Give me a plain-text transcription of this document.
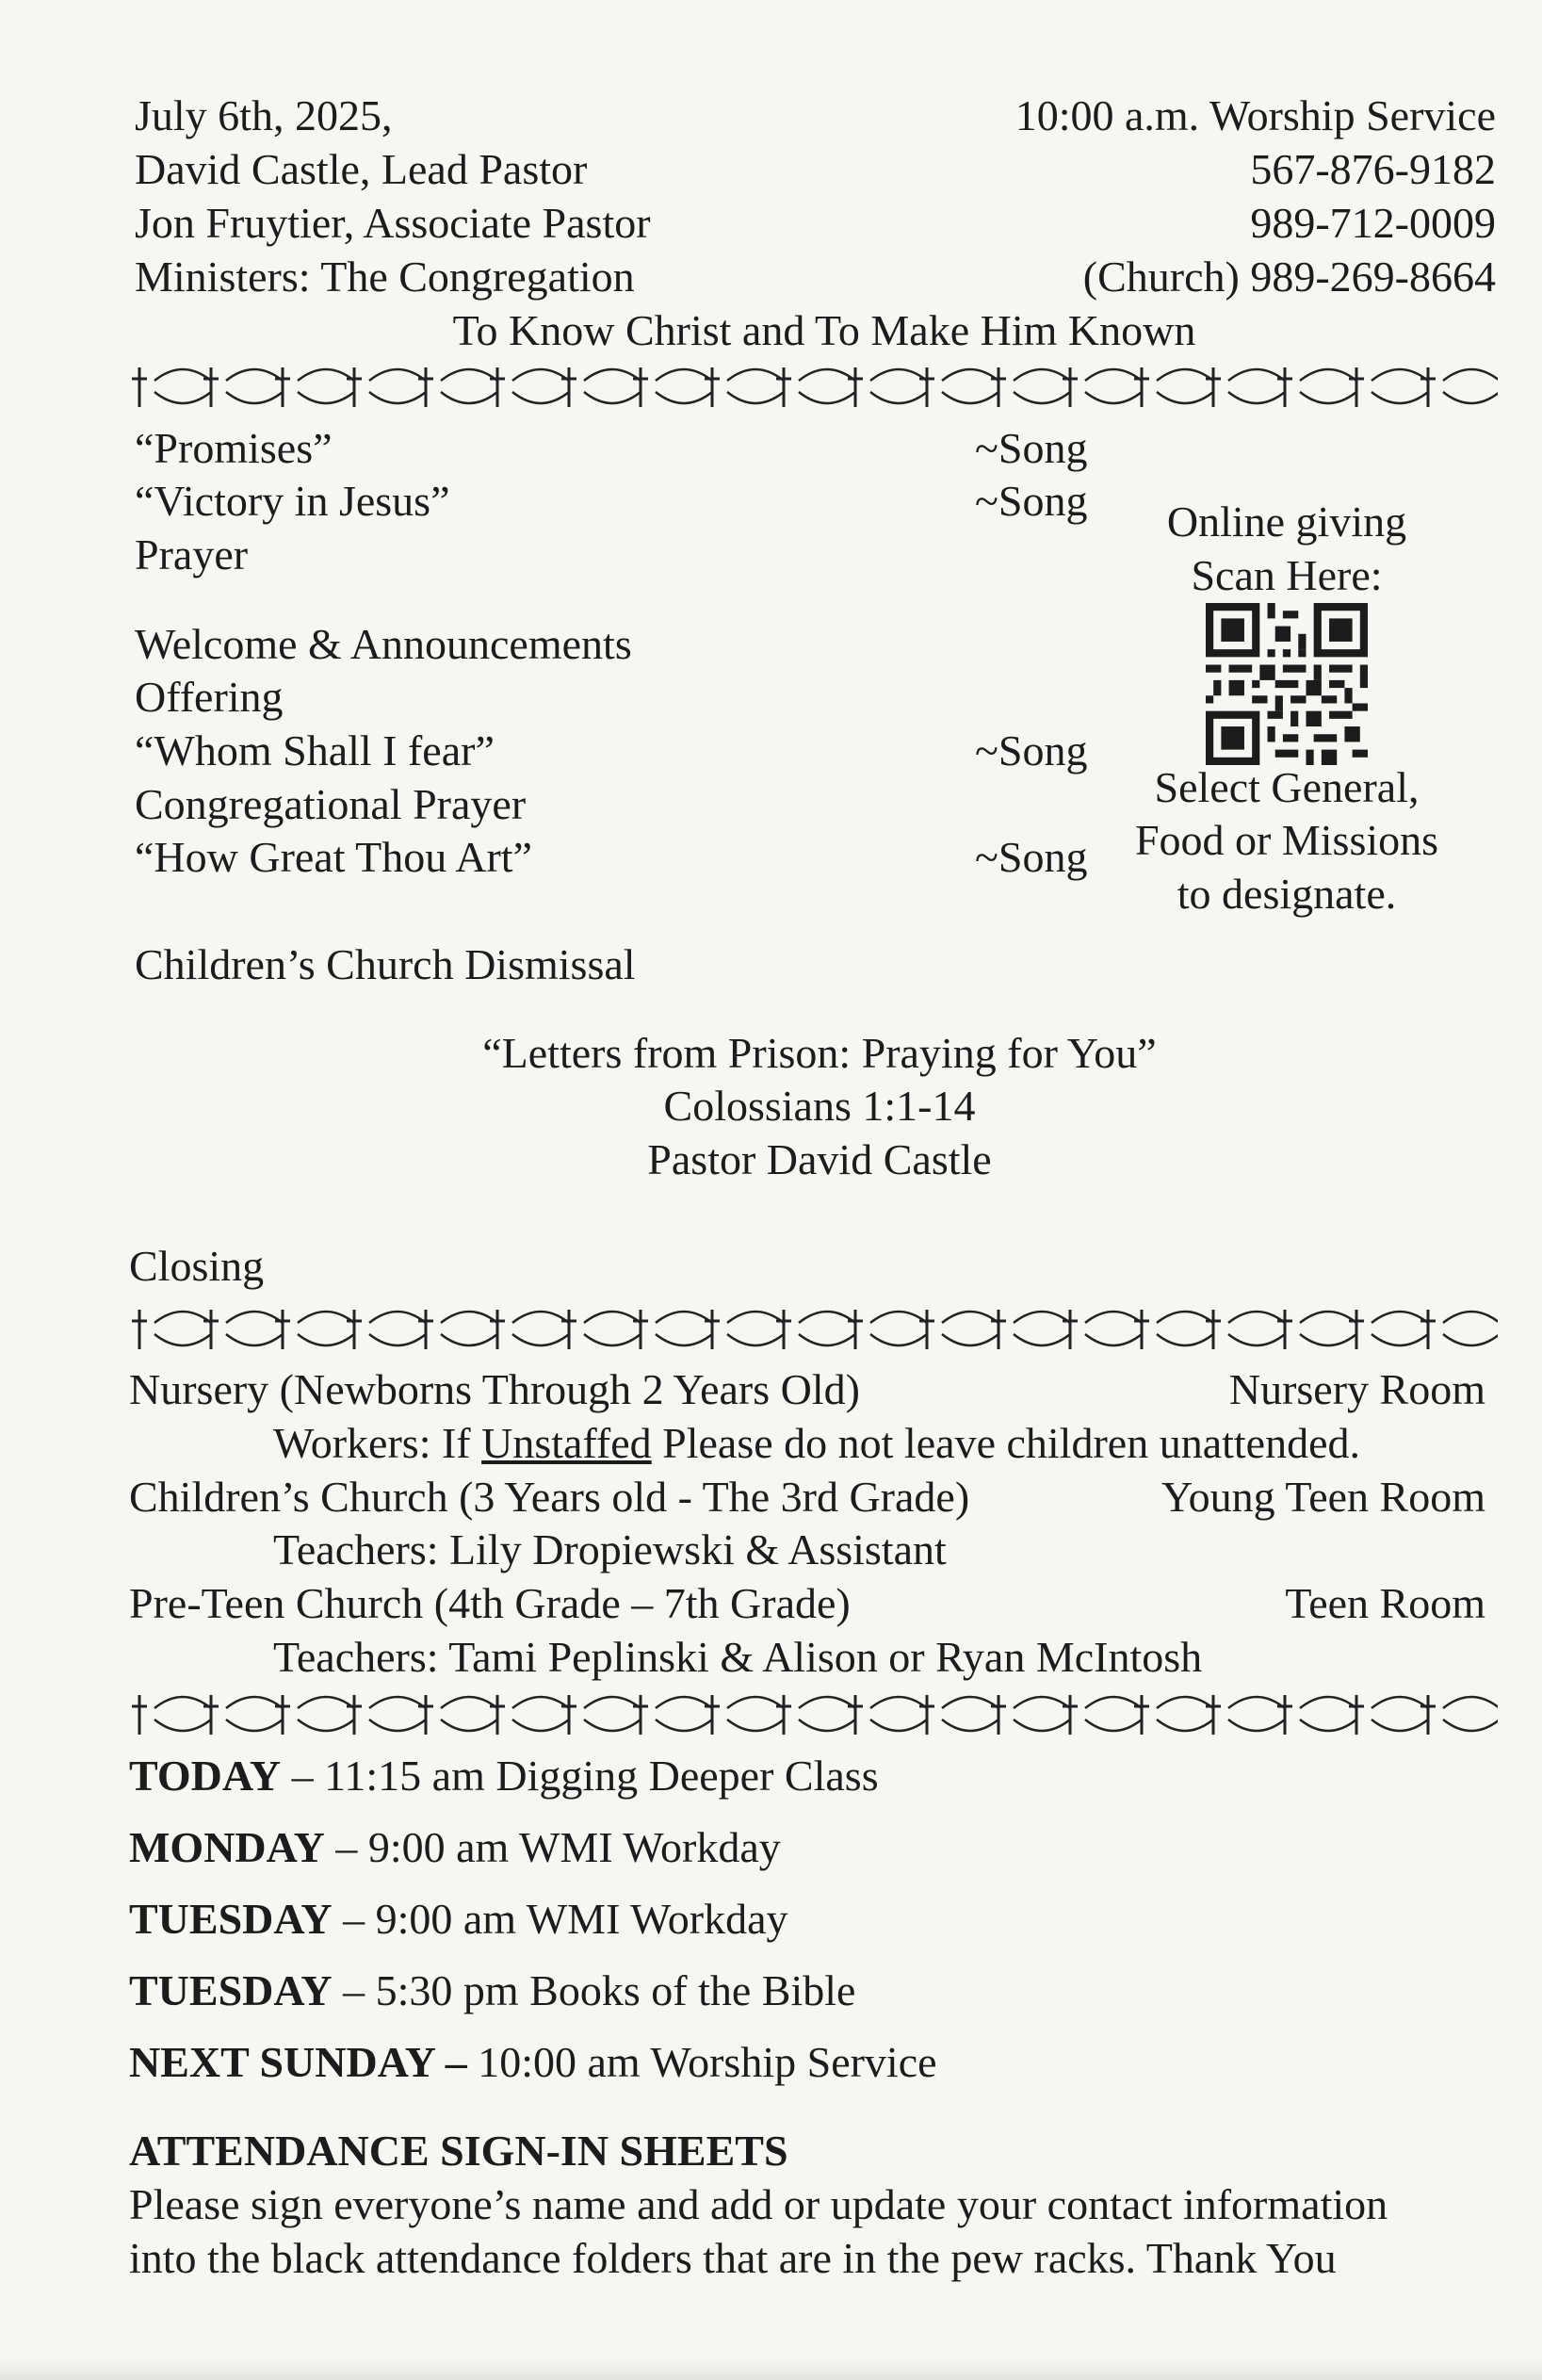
July 6th, 2025,	10:00 a.m. Worship Service
David Castle, Lead Pastor	567-876-9182
Jon Fruytier, Associate Pastor	989-712-0009
Ministers: The Congregation	(Church) 989-269-8664
To Know Christ and To Make Him Known
“Promises”	~Song
“Victory in Jesus”	~Song
Prayer
Welcome & Announcements
Offering
“Whom Shall I fear”	~Song
Congregational Prayer
“How Great Thou Art”	~Song
Children’s Church Dismissal
Online giving
Scan Here:
Select General,
Food or Missions
to designate.
“Letters from Prison: Praying for You”
Colossians 1:1-14
Pastor David Castle
Closing
Nursery (Newborns Through 2 Years Old)	Nursery Room
Workers: If Unstaffed Please do not leave children unattended.
Children’s Church (3 Years old - The 3rd Grade)	Young Teen Room
Teachers: Lily Dropiewski & Assistant
Pre-Teen Church (4th Grade – 7th Grade)	Teen Room
Teachers: Tami Peplinski & Alison or Ryan McIntosh
TODAY – 11:15 am Digging Deeper Class
MONDAY – 9:00 am WMI Workday
TUESDAY – 9:00 am WMI Workday
TUESDAY – 5:30 pm Books of the Bible
NEXT SUNDAY – 10:00 am Worship Service
ATTENDANCE SIGN-IN SHEETS
Please sign everyone’s name and add or update your contact information
into the black attendance folders that are in the pew racks. Thank You
